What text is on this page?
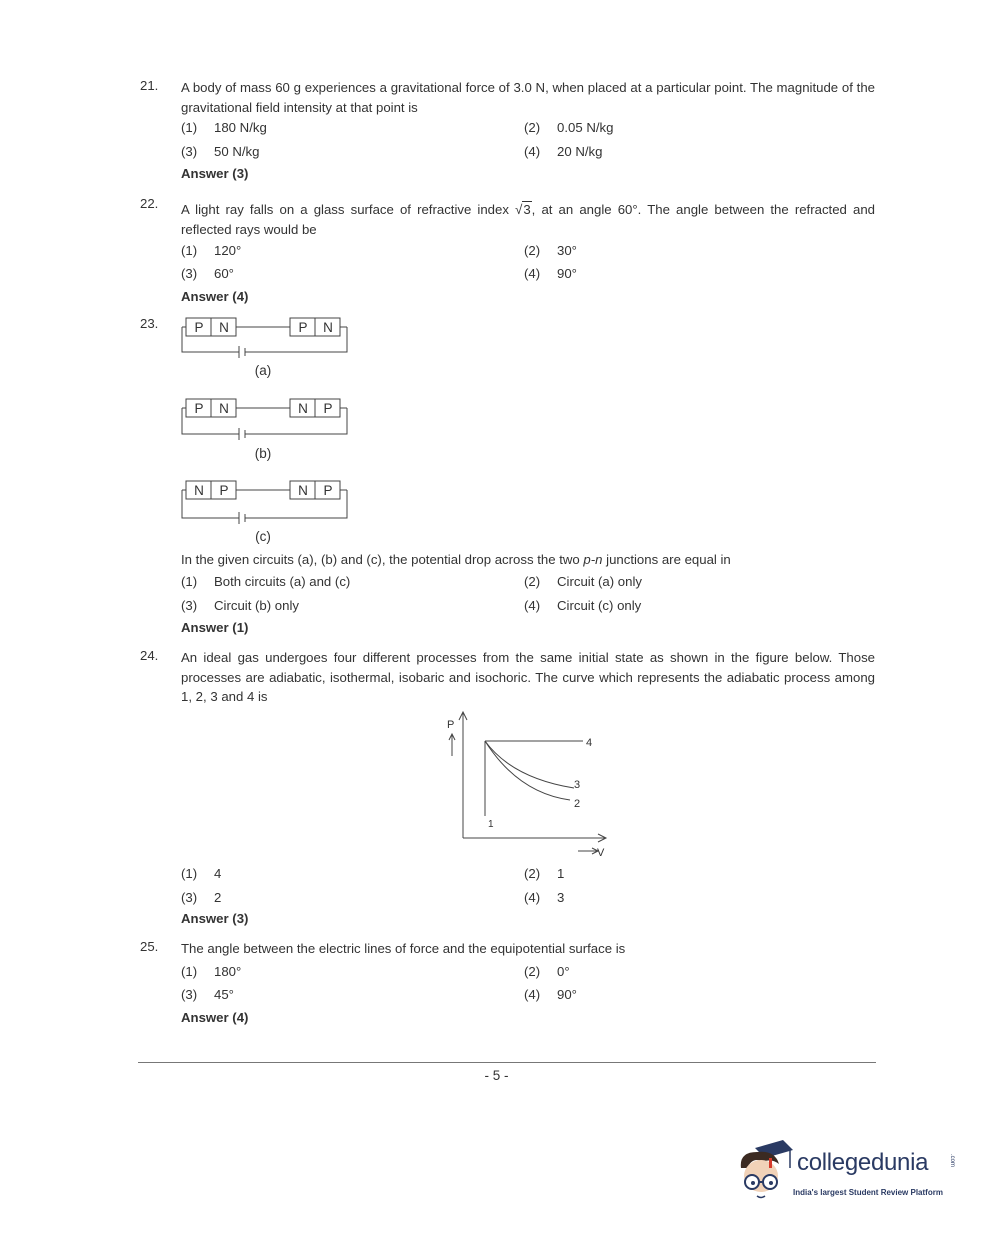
21.	A body of mass 60 g experiences a gravitational force of 3.0 N, when placed at a particular point. The magnitude of the gravitational field intensity at that point is
(1) 180 N/kg	(2) 0.05 N/kg
(3) 50 N/kg	(4) 20 N/kg
Answer (3)
22.	A light ray falls on a glass surface of refractive index √3, at an angle 60°. The angle between the refracted and reflected rays would be
(1) 120°	(2) 30°
(3) 60°	(4) 90°
Answer (4)
23.	P N	P N
(a)
P N	N P
(b)
N P	N P
(c)
In the given circuits (a), (b) and (c), the potential drop across the two p-n junctions are equal in
(1) Both circuits (a) and (c)	(2) Circuit (a) only
(3) Circuit (b) only	(4) Circuit (c) only
Answer (1)
24.	An ideal gas undergoes four different processes from the same initial state as shown in the figure below. Those processes are adiabatic, isothermal, isobaric and isochoric. The curve which represents the adiabatic process among 1, 2, 3 and 4 is
P
V
4
3
2
1
(1) 4	(2) 1
(3) 2	(4) 3
Answer (3)
25.	The angle between the electric lines of force and the equipotential surface is
(1) 180°	(2) 0°
(3) 45°	(4) 90°
Answer (4)
- 5 -
collegedunia	.com
India's largest Student Review Platform
